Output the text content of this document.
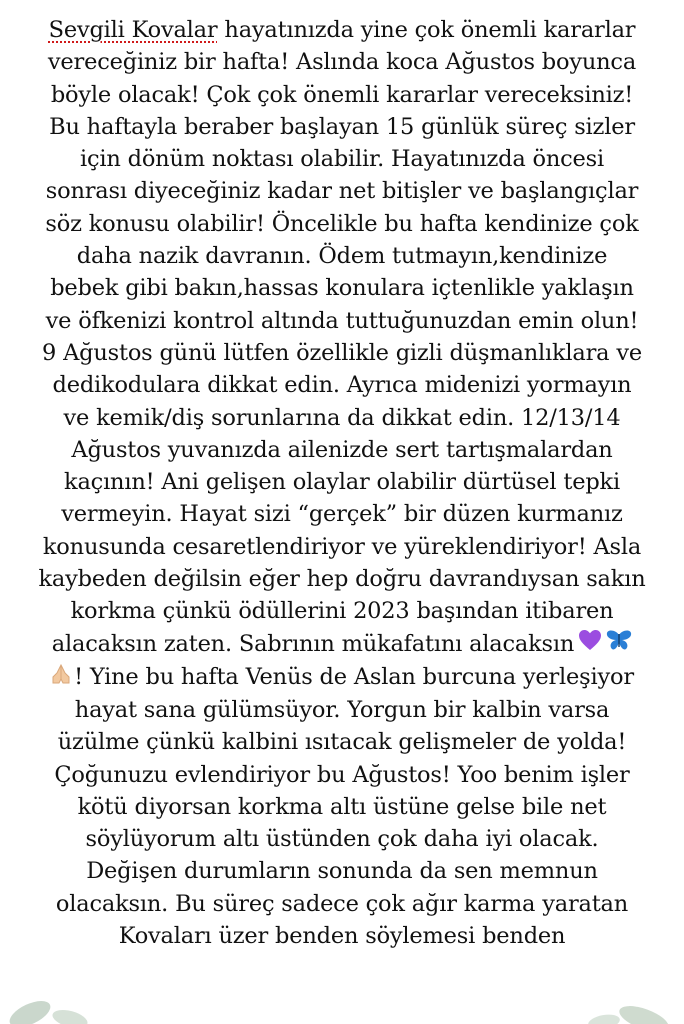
Sevgili Kovalar hayatınızda yine çok önemli kararlar
vereceğiniz bir hafta! Aslında koca Ağustos boyunca
böyle olacak! Çok çok önemli kararlar vereceksiniz!
Bu haftayla beraber başlayan 15 günlük süreç sizler
için dönüm noktası olabilir. Hayatınızda öncesi
sonrası diyeceğiniz kadar net bitişler ve başlangıçlar
söz konusu olabilir! Öncelikle bu hafta kendinize çok
daha nazik davranın. Ödem tutmayın,kendinize
bebek gibi bakın,hassas konulara içtenlikle yaklaşın
ve öfkenizi kontrol altında tuttuğunuzdan emin olun!
9 Ağustos günü lütfen özellikle gizli düşmanlıklara ve
dedikodulara dikkat edin. Ayrıca midenizi yormayın
ve kemik/diş sorunlarına da dikkat edin. 12/13/14
Ağustos yuvanızda ailenizde sert tartışmalardan
kaçının! Ani gelişen olaylar olabilir dürtüsel tepki
vermeyin. Hayat sizi “gerçek” bir düzen kurmanız
konusunda cesaretlendiriyor ve yüreklendiriyor! Asla
kaybeden değilsin eğer hep doğru davrandıysan sakın
korkma çünkü ödüllerini 2023 başından itibaren
alacaksın zaten. Sabrının mükafatını alacaksın
! Yine bu hafta Venüs de Aslan burcuna yerleşiyor
hayat sana gülümsüyor. Yorgun bir kalbin varsa
üzülme çünkü kalbini ısıtacak gelişmeler de yolda!
Çoğunuzu evlendiriyor bu Ağustos! Yoo benim işler
kötü diyorsan korkma altı üstüne gelse bile net
söylüyorum altı üstünden çok daha iyi olacak.
Değişen durumların sonunda da sen memnun
olacaksın. Bu süreç sadece çok ağır karma yaratan
Kovaları üzer benden söylemesi benden
